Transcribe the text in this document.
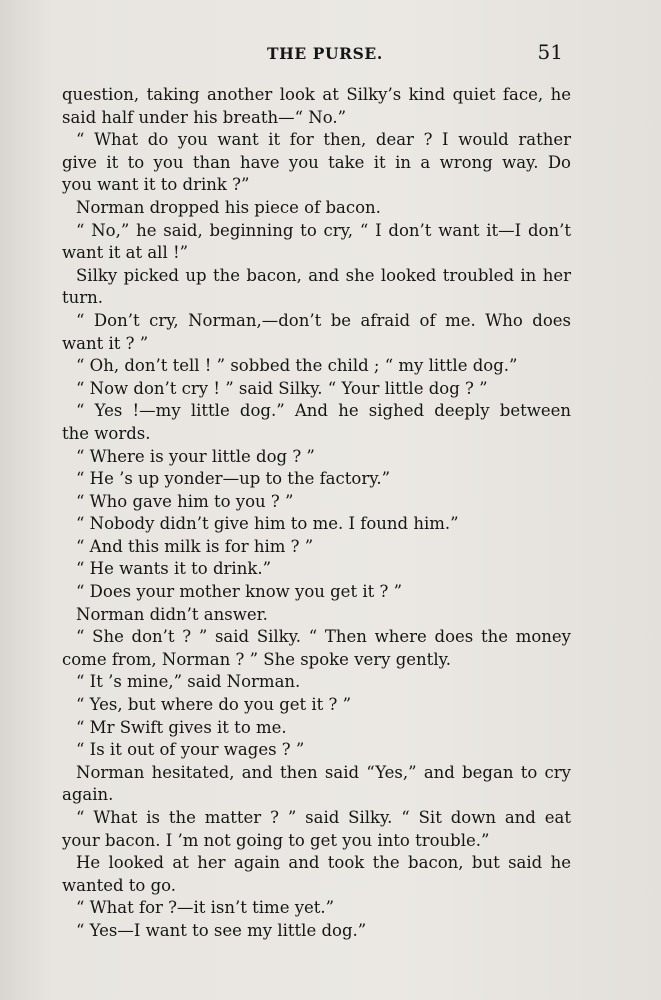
THE PURSE.	51
question, taking another look at Silky’s kind quiet face, he
said half under his breath—“ No.”
“ What do you want it for then, dear ? I would rather
give it to you than have you take it in a wrong way. Do
you want it to drink ?”
Norman dropped his piece of bacon.
“ No,” he said, beginning to cry, “ I don’t want it—I don’t
want it at all !”
Silky picked up the bacon, and she looked troubled in her
turn.
“ Don’t cry, Norman,—don’t be afraid of me. Who does
want it ? ”
“ Oh, don’t tell ! ” sobbed the child ; “ my little dog.”
“ Now don’t cry ! ” said Silky. “ Your little dog ? ”
“ Yes !—my little dog.” And he sighed deeply between
the words.
“ Where is your little dog ? ”
“ He ’s up yonder—up to the factory.”
“ Who gave him to you ? ”
“ Nobody didn’t give him to me. I found him.”
“ And this milk is for him ? ”
“ He wants it to drink.”
“ Does your mother know you get it ? ”
Norman didn’t answer.
“ She don’t ? ” said Silky. “ Then where does the money
come from, Norman ? ” She spoke very gently.
“ It ’s mine,” said Norman.
“ Yes, but where do you get it ? ”
“ Mr Swift gives it to me.
“ Is it out of your wages ? ”
Norman hesitated, and then said “Yes,” and began to cry
again.
“ What is the matter ? ” said Silky. “ Sit down and eat
your bacon. I ’m not going to get you into trouble.”
He looked at her again and took the bacon, but said he
wanted to go.
“ What for ?—it isn’t time yet.”
“ Yes—I want to see my little dog.”
